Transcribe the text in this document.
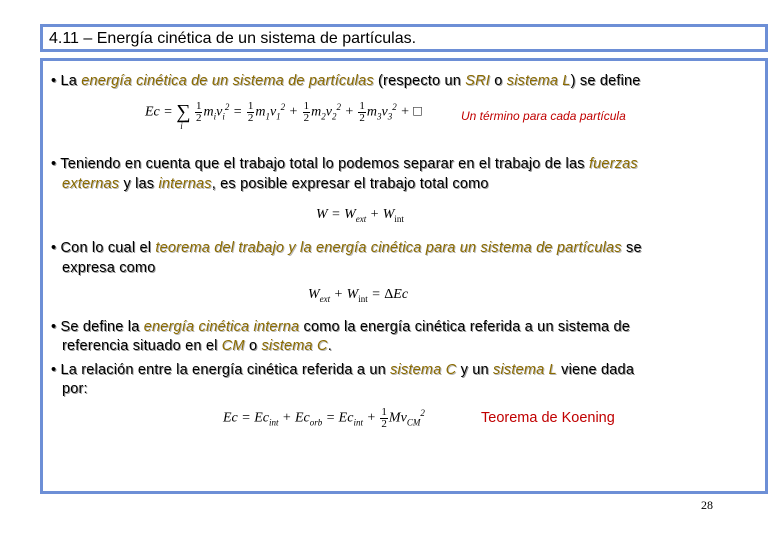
4.11 – Energía cinética de un sistema de partículas.
• La energía cinética de un sistema de partículas (respecto un SRI o sistema L) se define
Ec = ∑
i

$\frac{1}{2} m_iv_i^2 = \frac{1}{2} m_1v_1^2 + \frac{1}{2} m_2v_2^2 + \frac{1}{2} m_3v_3^2$ + □	Un término para cada partícula
• Teniendo en cuenta que el trabajo total lo podemos separar en el trabajo de las fuerzas
externas y las internas, es posible expresar el trabajo total como
$W = W_{ext} + W_{int}$
• Con lo cual el teorema del trabajo y la energía cinética para un sistema de partículas se
expresa como
$W_{ext} + W_{int} = \Delta Ec$
• Se define la energía cinética interna como la energía cinética referida a un sistema de
referencia situado en el CM o sistema C.
• La relación entre la energía cinética referida a un sistema C y un sistema L viene dada
por:
$Ec = Ec_{int} + Ec_{orb} = Ec_{int} + \frac{1}{2} Mv_{CM}^2$	Teorema de Koening
28
